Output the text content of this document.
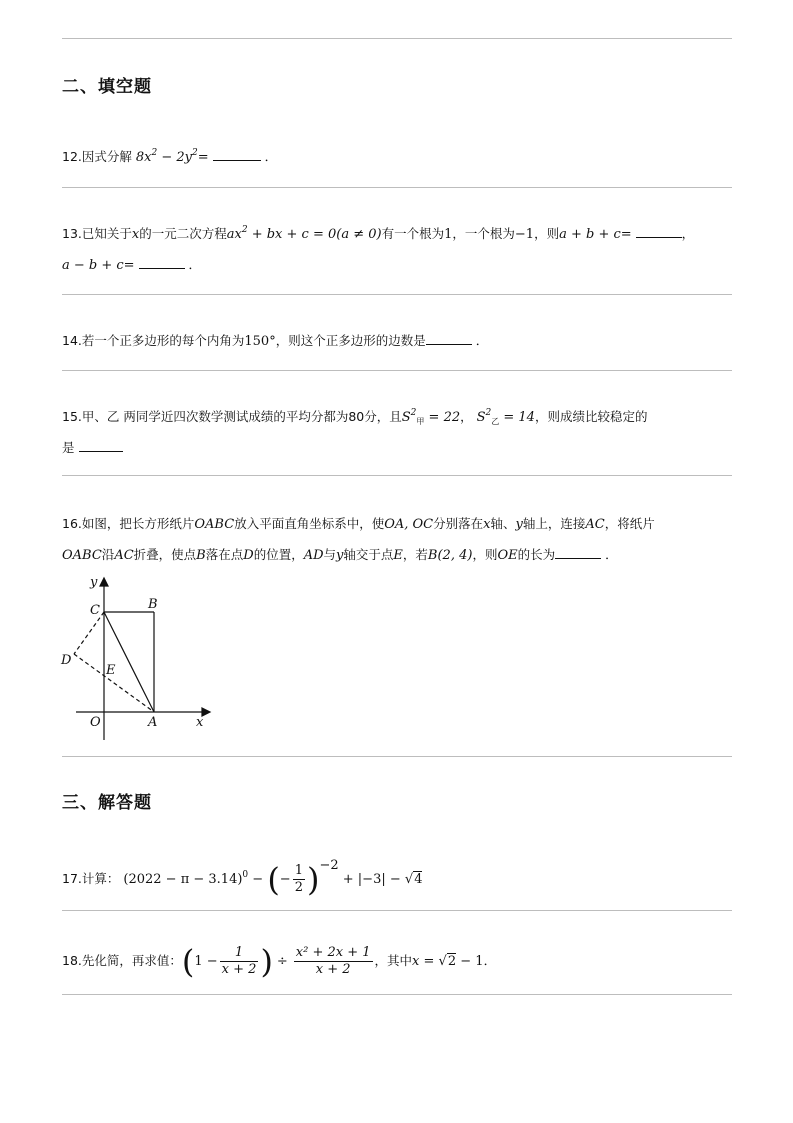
二、填空题
12.因式分解 $8x^2 - 2y^2=$	．
13.已知关于x的一元二次方程$ax^2$ + bx + c = 0(a ≠ 0)有一个根为1，一个根为−1，则a + b + c=	，
a − b + c=	．
14.若一个正多边形的每个内角为150°，则这个正多边形的边数是	．
15.甲、乙 两同学近四次数学测试成绩的平均分都为80分，且$S^2_甲 = 22$， $S^2_乙 = 14$，则成绩比较稳定的
是
16.如图，把长方形纸片OABC放入平面直角坐标系中，使OA, OC分别落在x轴、y轴上，连接AC，将纸片
OABC沿AC折叠，使点B落在点D的位置，AD与y轴交于点E，若B(2, 4)，则OE的长为	．
y
x
C	B
D
E
O	A
三、解答题
17.计算： $(2022 - \pi - 3.14)^0$ − (− $\frac{1}{2} )^{-2} + |-3| - √4$
18.先化简，再求值：($1 - \frac{1}{x + 2}$ ) ÷ $\frac{\text{x² + 2x + 1}}{x + 2}$ ，其中x = √2 − 1．
